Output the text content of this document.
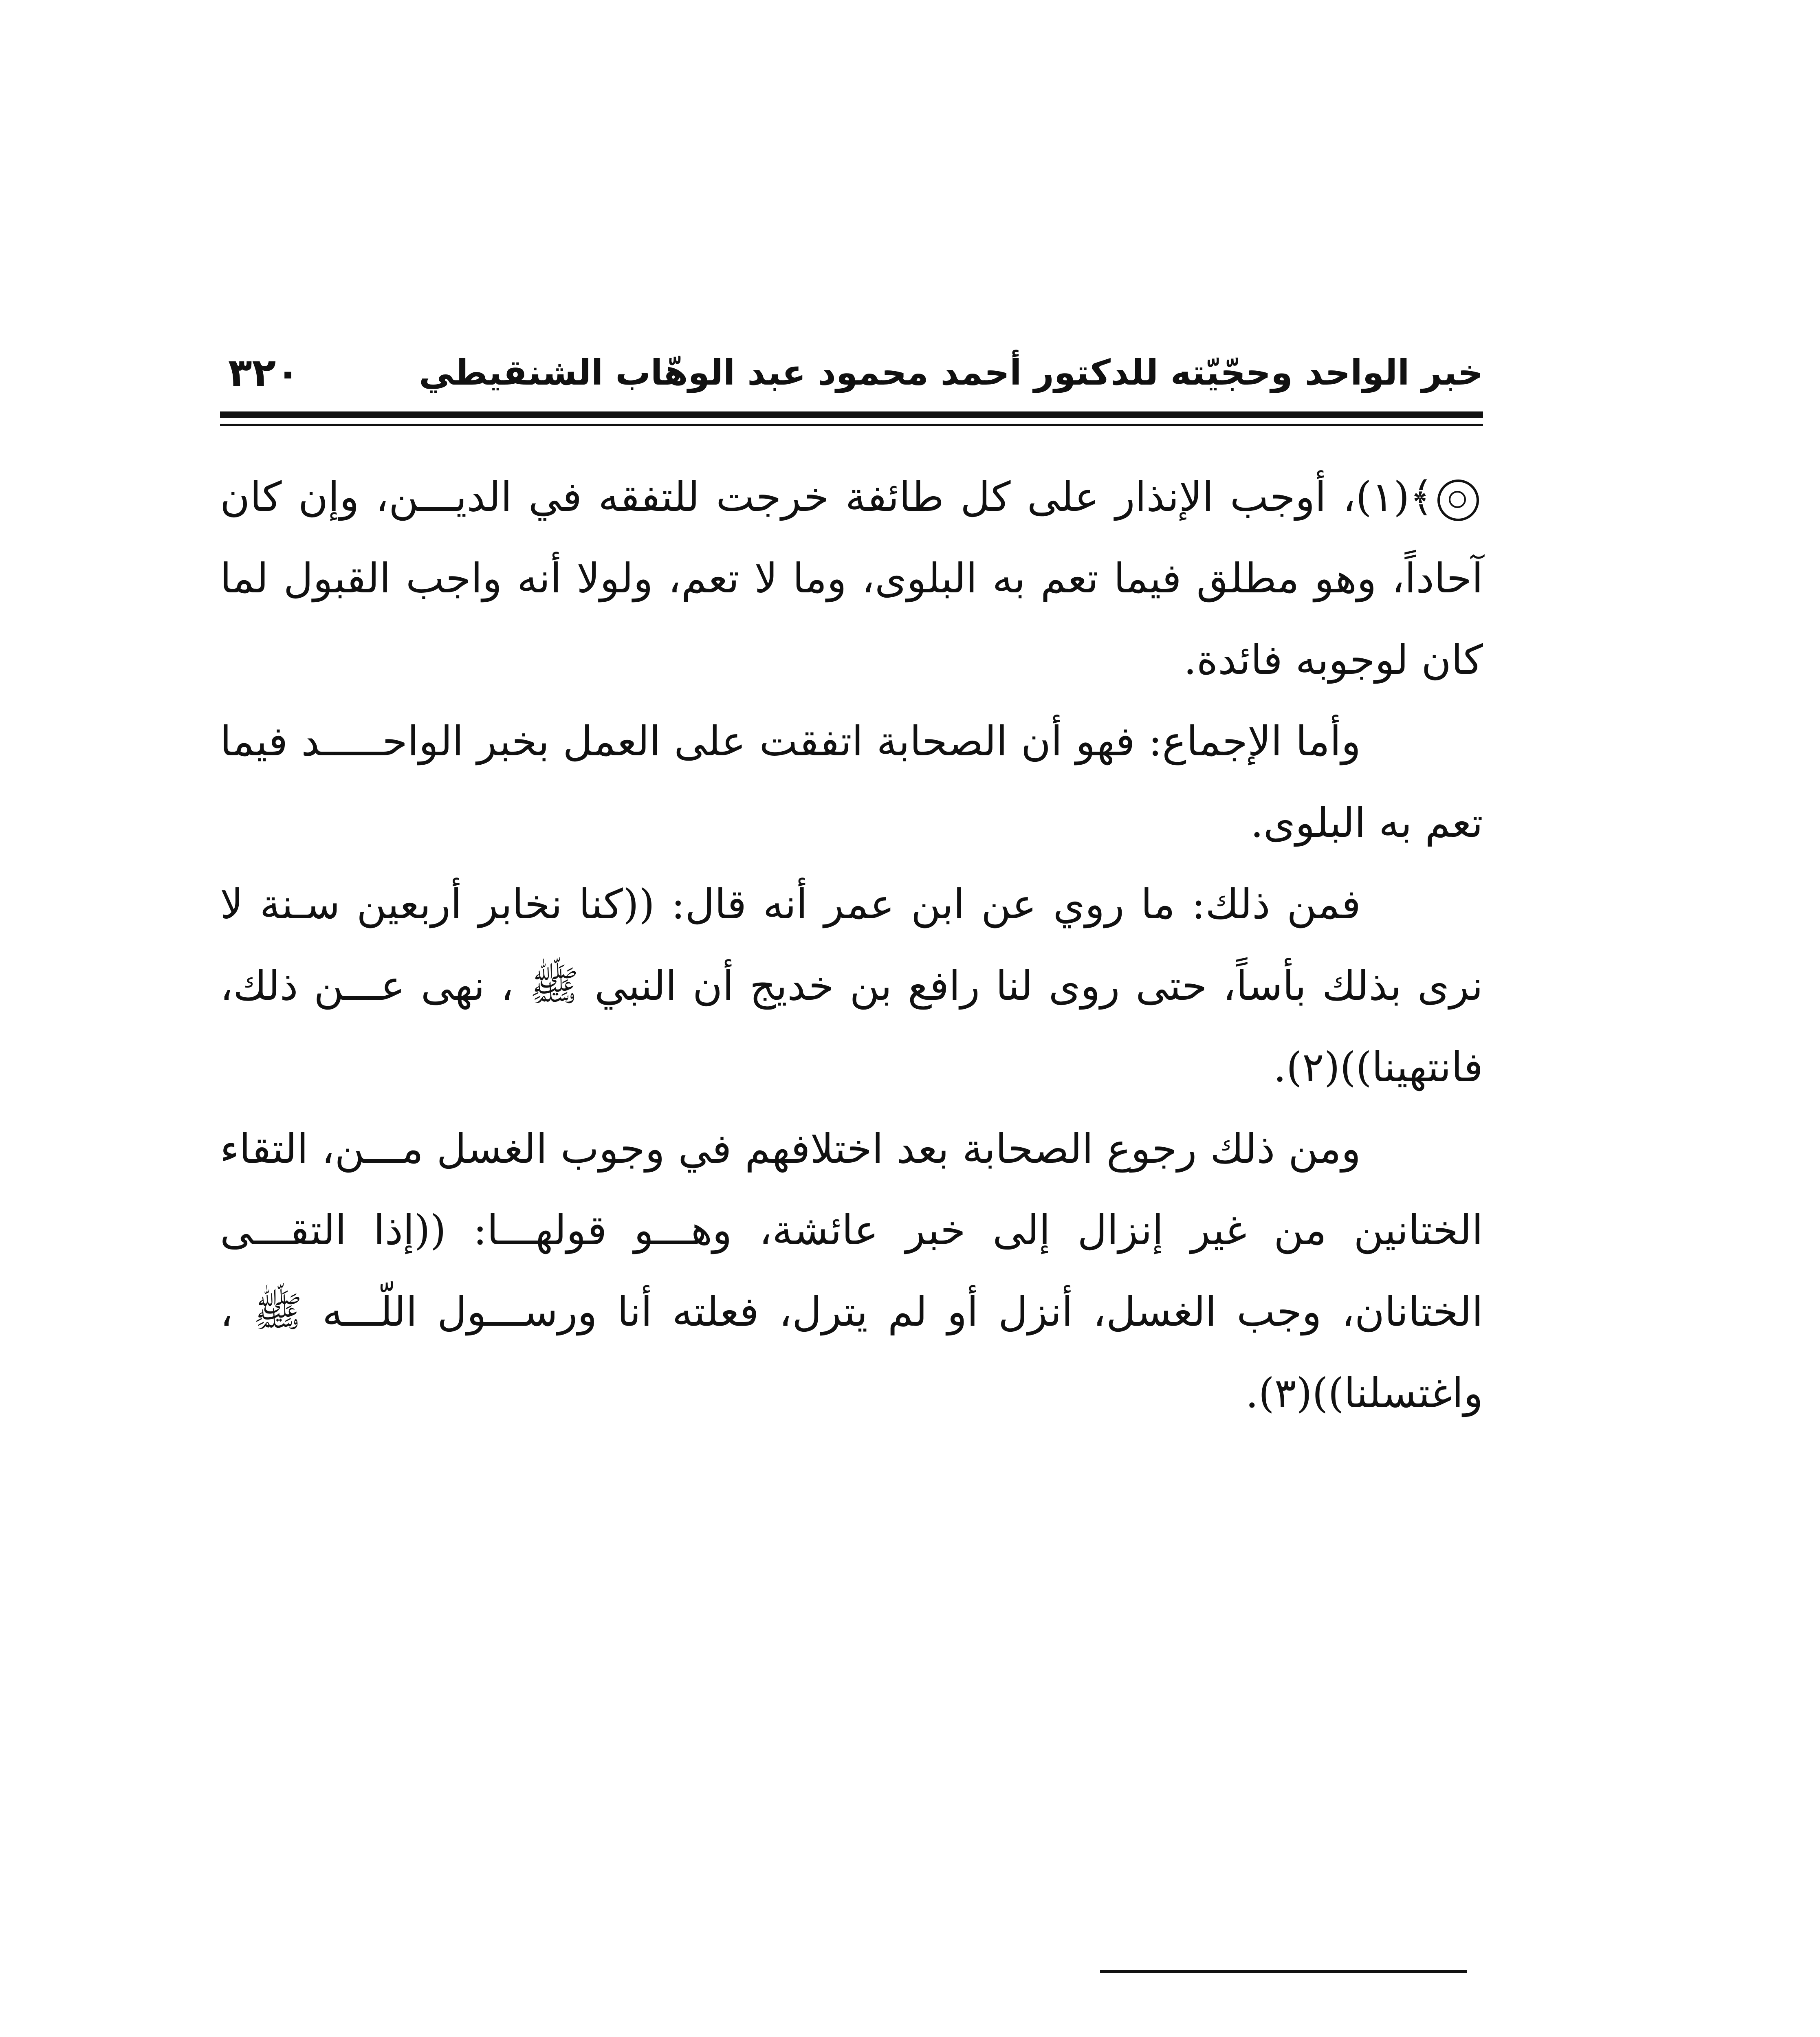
خبر الواحد وحجّيّته للدكتور أحمد محمود عبد الوهّاب الشنقيطي
٣٢٠

﴾(١)، أوجب الإنذار على كل طائفة خرجت للتفقه في الديـــن، وإن كان آحاداً، وهو مطلق فيما تعم به البلوى، وما لا تعم، ولولا أنه واجب القبول لما كان لوجوبه فائدة.

وأما الإجماع: فهو أن الصحابة اتفقت على العمل بخبر الواحـــــد فيما تعم به البلوى.

فمن ذلك: ما روي عن ابن عمر أنه قال: ((كنا نخابر أربعين سـنة لا نرى بذلك بأساً، حتى روى لنا رافع بن خديج أن النبي ﷺ ، نهى عـــن ذلك، فانتهينا))(٢).

ومن ذلك رجوع الصحابة بعد اختلافهم في وجوب الغسل مـــن، التقاء الختانين من غير إنزال إلى خبر عائشة، وهـــو قولهـــا: ((إذا التقـــى الختانان، وجب الغسل، أنزل أو لم يترل، فعلته أنا ورســـول اللّـــه ﷺ ، واغتسلنا))(٣).
